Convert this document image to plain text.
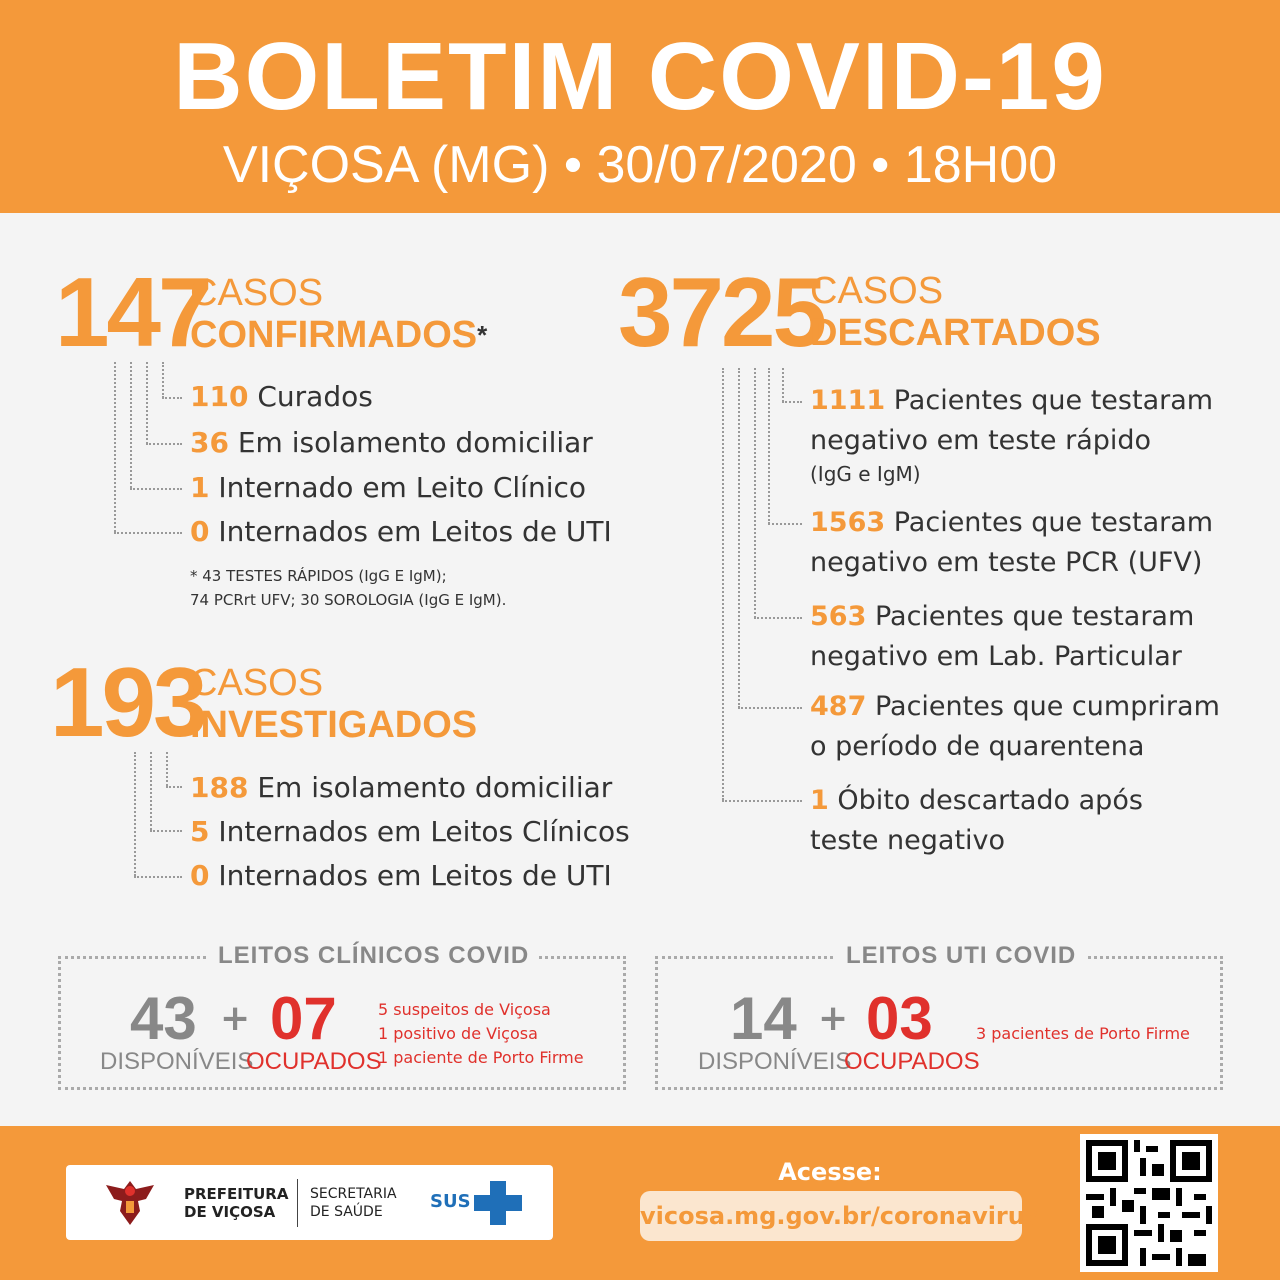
BOLETIM COVID-19
VIÇOSA (MG) • 30/07/2020 • 18H00
147
CASOS
CONFIRMADOS*
110 Curados
36 Em isolamento domiciliar
1 Internado em Leito Clínico
0 Internados em Leitos de UTI
* 43 TESTES RÁPIDOS (IgG E IgM);
74 PCRrt UFV; 30 SOROLOGIA (IgG E IgM).
193
CASOS
INVESTIGADOS
188 Em isolamento domiciliar
5 Internados em Leitos Clínicos
0 Internados em Leitos de UTI
3725
CASOS
DESCARTADOS
1111 Pacientes que testaram negativo em teste rápido
(IgG e IgM)
1563 Pacientes que testaram negativo em teste PCR (UFV)
563 Pacientes que testaram negativo em Lab. Particular
487 Pacientes que cumpriram o período de quarentena
1 Óbito descartado após teste negativo
LEITOS CLÍNICOS COVID
43
DISPONÍVEIS
+ 07
OCUPADOS
5 suspeitos de Viçosa
1 positivo de Viçosa
1 paciente de Porto Firme
LEITOS UTI COVID
14
DISPONÍVEIS
+ 03
OCUPADOS
3 pacientes de Porto Firme
PREFEITURA
DE VIÇOSA
SECRETARIA
DE SAÚDE	SUS
Acesse:
vicosa.mg.gov.br/coronavirus
